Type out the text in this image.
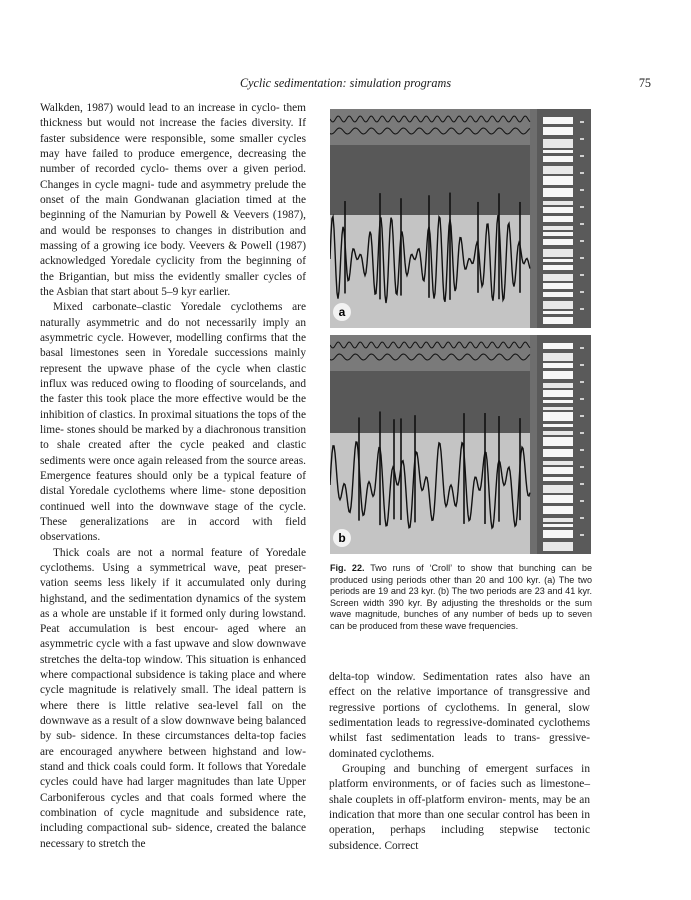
Cyclic sedimentation: simulation programs	75

Walkden, 1987) would lead to an increase in cyclo- them thickness but would not increase the facies diversity. If faster subsidence were responsible, some smaller cycles may have failed to produce emergence, decreasing the number of recorded cyclo- thems over a given period. Changes in cycle magni- tude and asymmetry prelude the onset of the main Gondwanan glaciation timed at the beginning of the Namurian by Powell & Veevers (1987), and would be responses to changes in distribution and massing of a growing ice body. Veevers & Powell (1987) acknowledged Yoredale cyclicity from the beginning of the Brigantian, but miss the evidently smaller cycles of the Asbian that start about 5–9 kyr earlier.

Mixed carbonate–clastic Yoredale cyclothems are naturally asymmetric and do not necessarily imply an asymmetric cycle. However, modelling confirms that the basal limestones seen in Yoredale successions mainly represent the upwave phase of the cycle when clastic influx was reduced owing to flooding of sourcelands, and the faster this took place the more effective would be the inhibition of clastics. In proximal situations the tops of the lime- stones should be marked by a diachronous transition to shale created after the cycle peaked and clastic sediments were once again released from the source areas. Emergence features should only be a typical feature of distal Yoredale cyclothems where lime- stone deposition continued well into the downwave stage of the cycle. These generalizations are in accord with field observations.

Thick coals are not a normal feature of Yoredale cyclothems. Using a symmetrical wave, peat preser- vation seems less likely if it accumulated only during highstand, and the sedimentation dynamics of the system as a whole are unstable if it formed only during lowstand. Peat accumulation is best encour- aged where an asymmetric cycle with a fast upwave and slow downwave stretches the delta-top window. This situation is enhanced where compactional subsidence is taking place and where cycle magnitude is relatively small. The ideal pattern is where there is little relative sea-level fall on the downwave as a result of a slow downwave being balanced by sub- sidence. In these circumstances delta-top facies are encouraged anywhere between highstand and low- stand and thick coals could form. It follows that Yoredale cycles could have had larger magnitudes than late Upper Carboniferous cycles and that coals formed where the combination of cycle magnitude and subsidence rate, including compactional sub- sidence, created the balance necessary to stretch the

a
b
Fig. 22. Two runs of ‘Croll’ to show that bunching can be produced using periods other than 20 and 100 kyr. (a) The two periods are 19 and 23 kyr. (b) The two periods are 23 and 41 kyr. Screen width 390 kyr. By adjusting the thresholds or the sum wave magnitude, bunches of any number of beds up to seven can be produced from these wave frequencies.

delta-top window. Sedimentation rates also have an effect on the relative importance of transgressive and regressive portions of cyclothems. In general, slow sedimentation leads to regressive-dominated cyclothems whilst fast sedimentation leads to trans- gressive-dominated cyclothems.

Grouping and bunching of emergent surfaces in platform environments, or of facies such as limestone–shale couplets in off-platform environ- ments, may be an indication that more than one secular control has been in operation, perhaps including stepwise tectonic subsidence. Correct
